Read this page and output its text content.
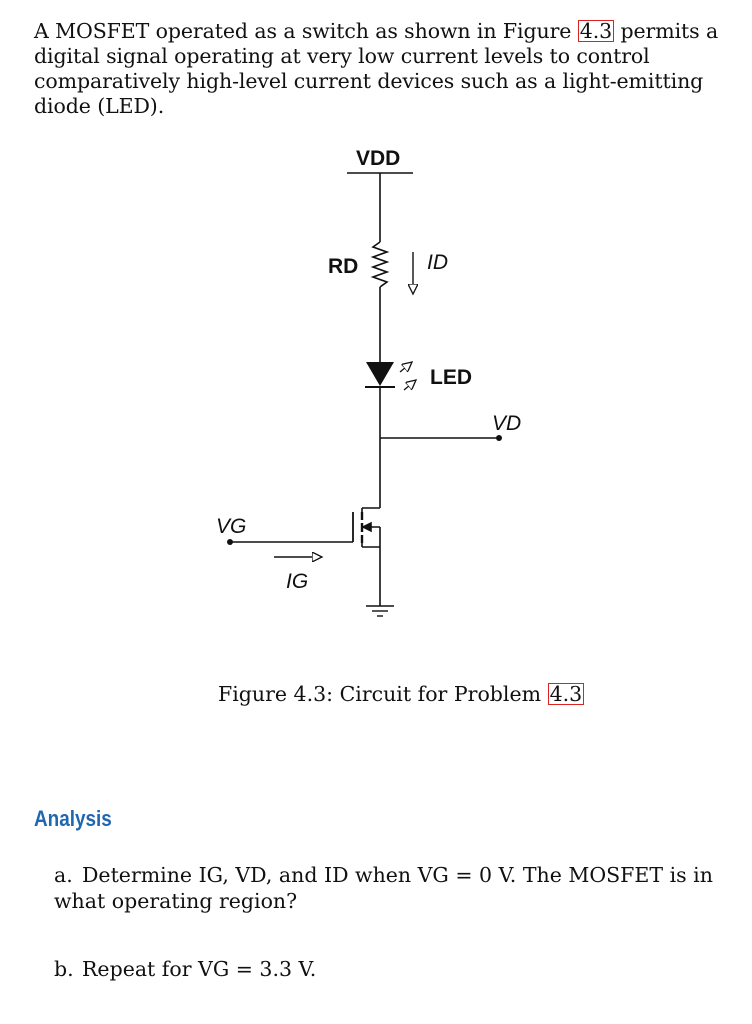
A MOSFET operated as a switch as shown in Figure 4.3 permits a digital signal operating at very low current levels to control comparatively high-level current devices such as a light-emitting diode (LED).
VDD
RD	ID
LED
VD
VG
IG
Figure 4.3: Circuit for Problem 4.3
Analysis
a. Determine IG, VD, and ID when VG = 0 V. The MOSFET is in what operating region?
b. Repeat for VG = 3.3 V.
